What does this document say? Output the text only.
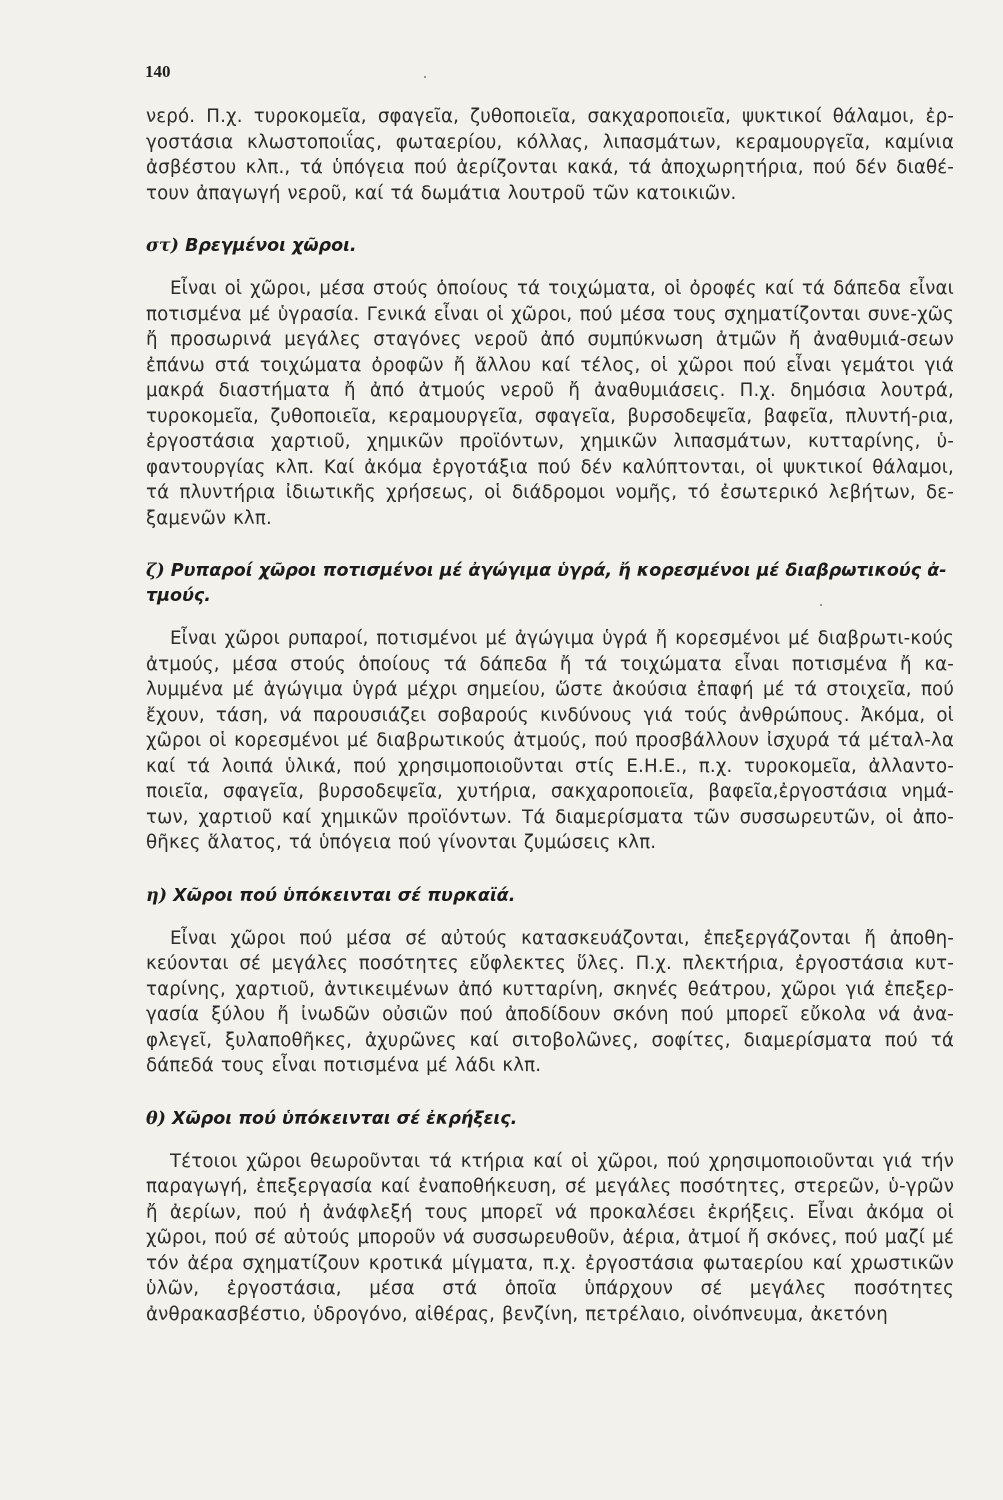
140

νερό. Π.χ. τυροκομεῖα, σφαγεῖα, ζυθοποιεῖα, σακχαροποιεῖα, ψυκτικοί θάλαμοι, ἐρ-γοστάσια κλωστοποιΐας, φωταερίου, κόλλας, λιπασμάτων, κεραμουργεῖα, καμίνια ἀσβέστου κλπ., τά ὑπόγεια πού ἀερίζονται κακά, τά ἀποχωρητήρια, πού δέν διαθέ-τουν ἀπαγωγή νεροῦ, καί τά δωμάτια λουτροῦ τῶν κατοικιῶν.

στ) Βρεγμένοι χῶροι.

Εἶναι οἱ χῶροι, μέσα στούς ὁποίους τά τοιχώματα, οἱ ὀροφές καί τά δάπεδα εἶναι ποτισμένα μέ ὑγρασία. Γενικά εἶναι οἱ χῶροι, πού μέσα τους σχηματίζονται συνε-χῶς ἤ προσωρινά μεγάλες σταγόνες νεροῦ ἀπό συμπύκνωση ἀτμῶν ἤ ἀναθυμιά-σεων ἐπάνω στά τοιχώματα ὀροφῶν ἤ ἄλλου καί τέλος, οἱ χῶροι πού εἶναι γεμάτοι γιά μακρά διαστήματα ἤ ἀπό ἀτμούς νεροῦ ἤ ἀναθυμιάσεις. Π.χ. δημόσια λουτρά, τυροκομεῖα, ζυθοποιεῖα, κεραμουργεῖα, σφαγεῖα, βυρσοδεψεῖα, βαφεῖα, πλυντή-ρια, ἐργοστάσια χαρτιοῦ, χημικῶν προϊόντων, χημικῶν λιπασμάτων, κυτταρίνης, ὑ-φαντουργίας κλπ. Καί ἀκόμα ἐργοτάξια πού δέν καλύπτονται, οἱ ψυκτικοί θάλαμοι, τά πλυντήρια ἰδιωτικῆς χρήσεως, οἱ διάδρομοι νομῆς, τό ἐσωτερικό λεβήτων, δε-ξαμενῶν κλπ.

ζ) Ρυπαροί χῶροι ποτισμένοι μέ ἀγώγιμα ὑγρά, ἤ κορεσμένοι μέ διαβρωτικούς ἀ-τμούς.

Εἶναι χῶροι ρυπαροί, ποτισμένοι μέ ἀγώγιμα ὑγρά ἤ κορεσμένοι μέ διαβρωτι-κούς ἀτμούς, μέσα στούς ὁποίους τά δάπεδα ἤ τά τοιχώματα εἶναι ποτισμένα ἤ κα-λυμμένα μέ ἀγώγιμα ὑγρά μέχρι σημείου, ὥστε ἀκούσια ἐπαφή μέ τά στοιχεῖα, πού ἔχουν, τάση, νά παρουσιάζει σοβαρούς κινδύνους γιά τούς ἀνθρώπους. Ἀκόμα, οἱ χῶροι οἱ κορεσμένοι μέ διαβρωτικούς ἀτμούς, πού προσβάλλουν ἰσχυρά τά μέταλ-λα καί τά λοιπά ὑλικά, πού χρησιμοποιοῦνται στίς Ε.Η.Ε., π.χ. τυροκομεῖα, ἀλλαντο-ποιεῖα, σφαγεῖα, βυρσοδεψεῖα, χυτήρια, σακχαροποιεῖα, βαφεῖα,ἐργοστάσια νημά-των, χαρτιοῦ καί χημικῶν προϊόντων. Τά διαμερίσματα τῶν συσσωρευτῶν, οἱ ἀπο-θῆκες ἅλατος, τά ὑπόγεια πού γίνονται ζυμώσεις κλπ.

η) Χῶροι πού ὑπόκεινται σέ πυρκαϊά.

Εἶναι χῶροι πού μέσα σέ αὐτούς κατασκευάζονται, ἐπεξεργάζονται ἤ ἀποθη-κεύονται σέ μεγάλες ποσότητες εὔφλεκτες ὕλες. Π.χ. πλεκτήρια, ἐργοστάσια κυτ-ταρίνης, χαρτιοῦ, ἀντικειμένων ἀπό κυτταρίνη, σκηνές θεάτρου, χῶροι γιά ἐπεξερ-γασία ξύλου ἤ ἰνωδῶν οὐσιῶν πού ἀποδίδουν σκόνη πού μπορεῖ εὔκολα νά ἀνα-φλεγεῖ, ξυλαποθῆκες, ἀχυρῶνες καί σιτοβολῶνες, σοφίτες, διαμερίσματα πού τά δάπεδά τους εἶναι ποτισμένα μέ λάδι κλπ.

θ) Χῶροι πού ὑπόκεινται σέ ἐκρήξεις.

Τέτοιοι χῶροι θεωροῦνται τά κτήρια καί οἱ χῶροι, πού χρησιμοποιοῦνται γιά τήν παραγωγή, ἐπεξεργασία καί ἐναποθήκευση, σέ μεγάλες ποσότητες, στερεῶν, ὑ-γρῶν ἤ ἀερίων, πού ἡ ἀνάφλεξή τους μπορεῖ νά προκαλέσει ἐκρήξεις. Εἶναι ἀκόμα οἱ χῶροι, πού σέ αὐτούς μποροῦν νά συσσωρευθοῦν, ἀέρια, ἀτμοί ἤ σκόνες, πού μαζί μέ τόν ἀέρα σχηματίζουν κροτικά μίγματα, π.χ. ἐργοστάσια φωταερίου καί χρωστικῶν ὑλῶν, ἐργοστάσια, μέσα στά ὁποῖα ὑπάρχουν σέ μεγάλες ποσότητες ἀνθρακασβέστιο, ὑδρογόνο, αἰθέρας, βενζίνη, πετρέλαιο, οἰνόπνευμα, ἀκετόνη
